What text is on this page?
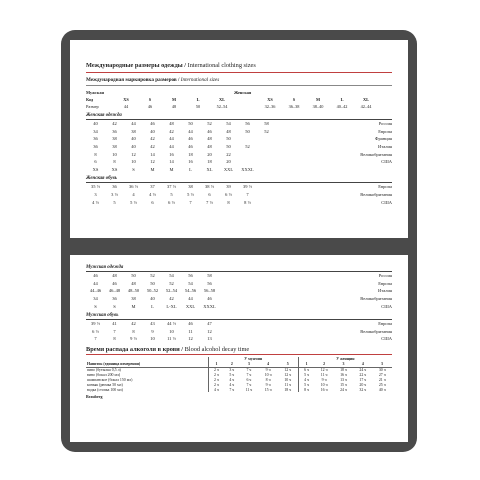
Международные размеры одежды / International clothing sizes
Международная маркировка размеров / International sizes
Мужская	Женская
Код	XS	S	M	L	XL	XS	S	M	L	XL
Размер	44	46	48	50	52–54	32–36	36–38	38–40	40–42	42–44
Женская одежда
40	42	44	46	48	50	52	54	56	58	Россия
34	36	38	40	42	44	46	48	50	52	Европа
36	38	40	42	44	46	48	50	Франция
36	38	40	42	44	46	48	50	52	Италия
8	10	12	14	16	18	20	22	Великобритания
6	8	10	12	14	16	18	20	США
XS	XS	S	M	M	L	XL	XXL	XXXL
Женская обувь
35 ½	36	36 ½	37	37 ½	38	38 ½	39	39 ½	Европа
3	3 ½	4	4 ½	5	5 ½	6	6 ½	7	Великобритания
4 ½	5	5 ½	6	6 ½	7	7 ½	8	8 ½	США
Мужская одежда
46	48	50	52	54	56	58	Россия
44	46	48	50	52	54	56	Европа
44–46	46–48	48–50	50–52	52–54	54–56	56–58	Италия
34	36	38	40	42	44	46	Великобритания
S	S	M	L	L-XL	XXL	XXXL	США
Мужская обувь
39 ½	41	42	43	44 ½	46	47	Европа
6 ½	7	8	9	10	11	12	Великобритания
7	8	9 ½	10	11 ½	12	13	США
Время распада алкоголя в крови / Blood alcohol decay time
	У мужчин					У женщин				
Напиток (единица измерения)	1	2	3	4	5	1	2	3	4	5
пиво (бутылка 0,5 л)	2 ч	3 ч	7 ч	9 ч	12 ч	6 ч	12 ч	18 ч	24 ч	30 ч
вино (бокал 200 мл)	2 ч	5 ч	7 ч	10 ч	12 ч	5 ч	11 ч	16 ч	22 ч	27 ч
шампанское (бокал 150 мл)	2 ч	4 ч	6 ч	8 ч	10 ч	4 ч	9 ч	13 ч	17 ч	21 ч
коньяк (рюмка 50 мл)	2 ч	4 ч	7 ч	9 ч	11 ч	5 ч	10 ч	15 ч	20 ч	25 ч
водка (стопка 100 мл)	4 ч	7 ч	11 ч	15 ч	18 ч	8 ч	16 ч	24 ч	32 ч	40 ч
Brauberg
